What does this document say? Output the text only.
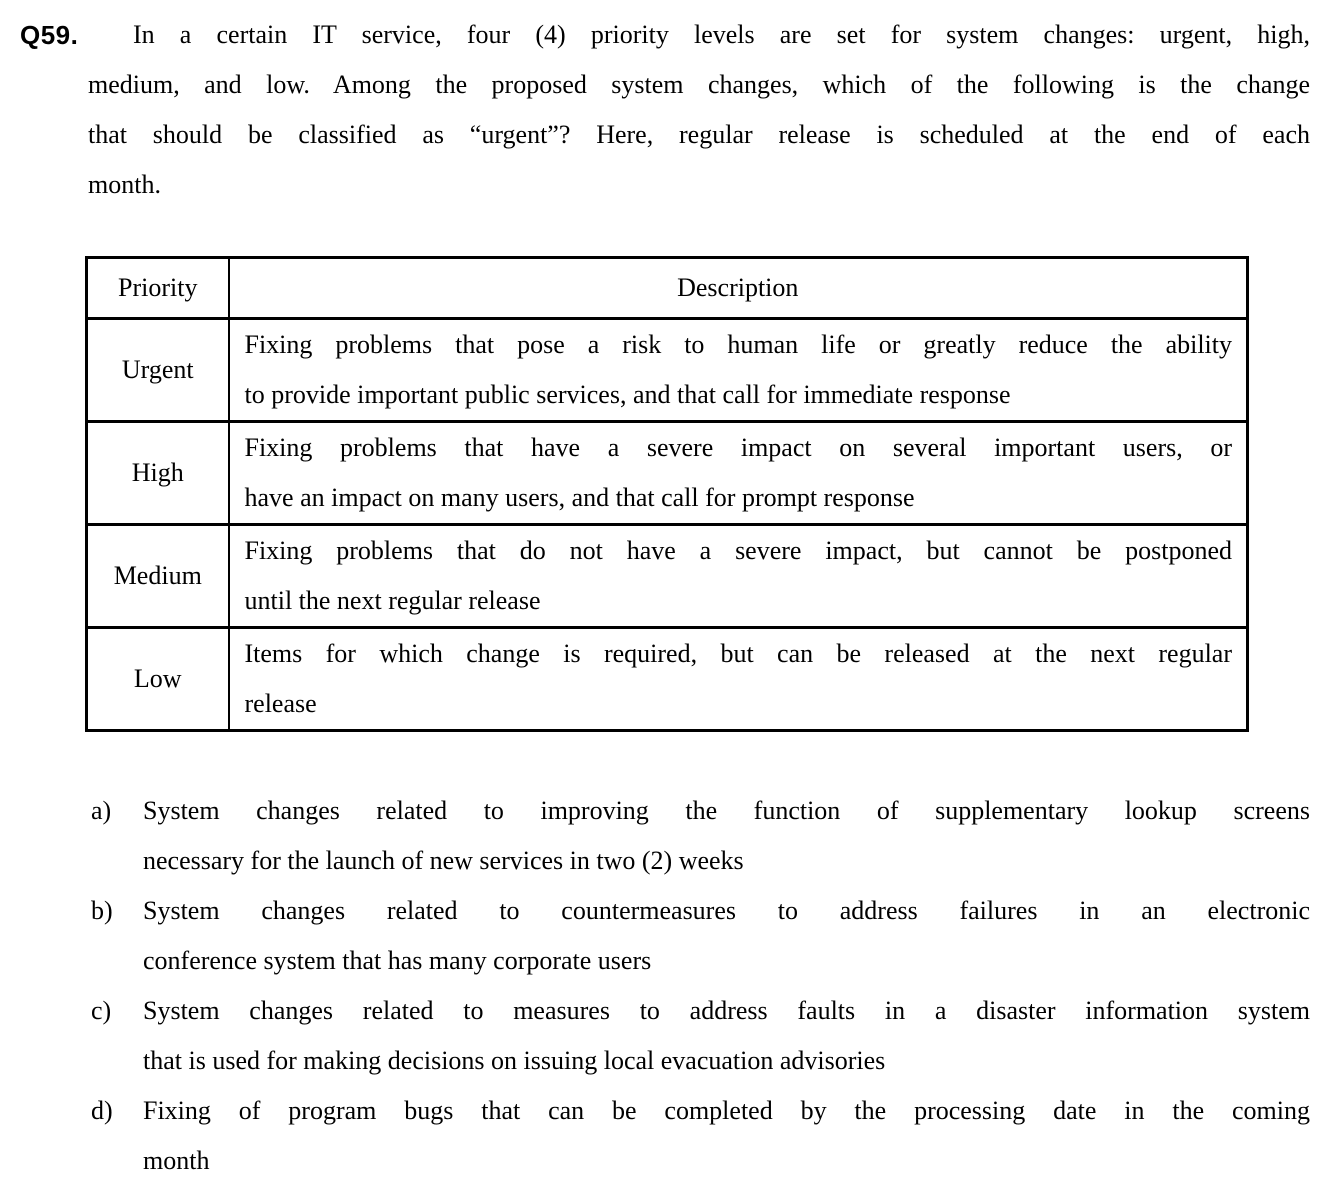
Q59.	In a certain IT service, four (4) priority levels are set for system changes: urgent, high,
medium, and low. Among the proposed system changes, which of the following is the change
that should be classified as “urgent”? Here, regular release is scheduled at the end of each
month.
Priority	Description
Urgent	Fixing problems that pose a risk to human life or greatly reduce the ability
to provide important public services, and that call for immediate response

High	Fixing problems that have a severe impact on several important users, or
have an impact on many users, and that call for prompt response

Medium	Fixing problems that do not have a severe impact, but cannot be postponed
until the next regular release

Low	Items for which change is required, but can be released at the next regular
release
a) System changes related to improving the function of supplementary lookup screens
necessary for the launch of new services in two (2) weeks
b) System changes related to countermeasures to address failures in an electronic
conference system that has many corporate users
c) System changes related to measures to address faults in a disaster information system
that is used for making decisions on issuing local evacuation advisories
d) Fixing of program bugs that can be completed by the processing date in the coming
month
